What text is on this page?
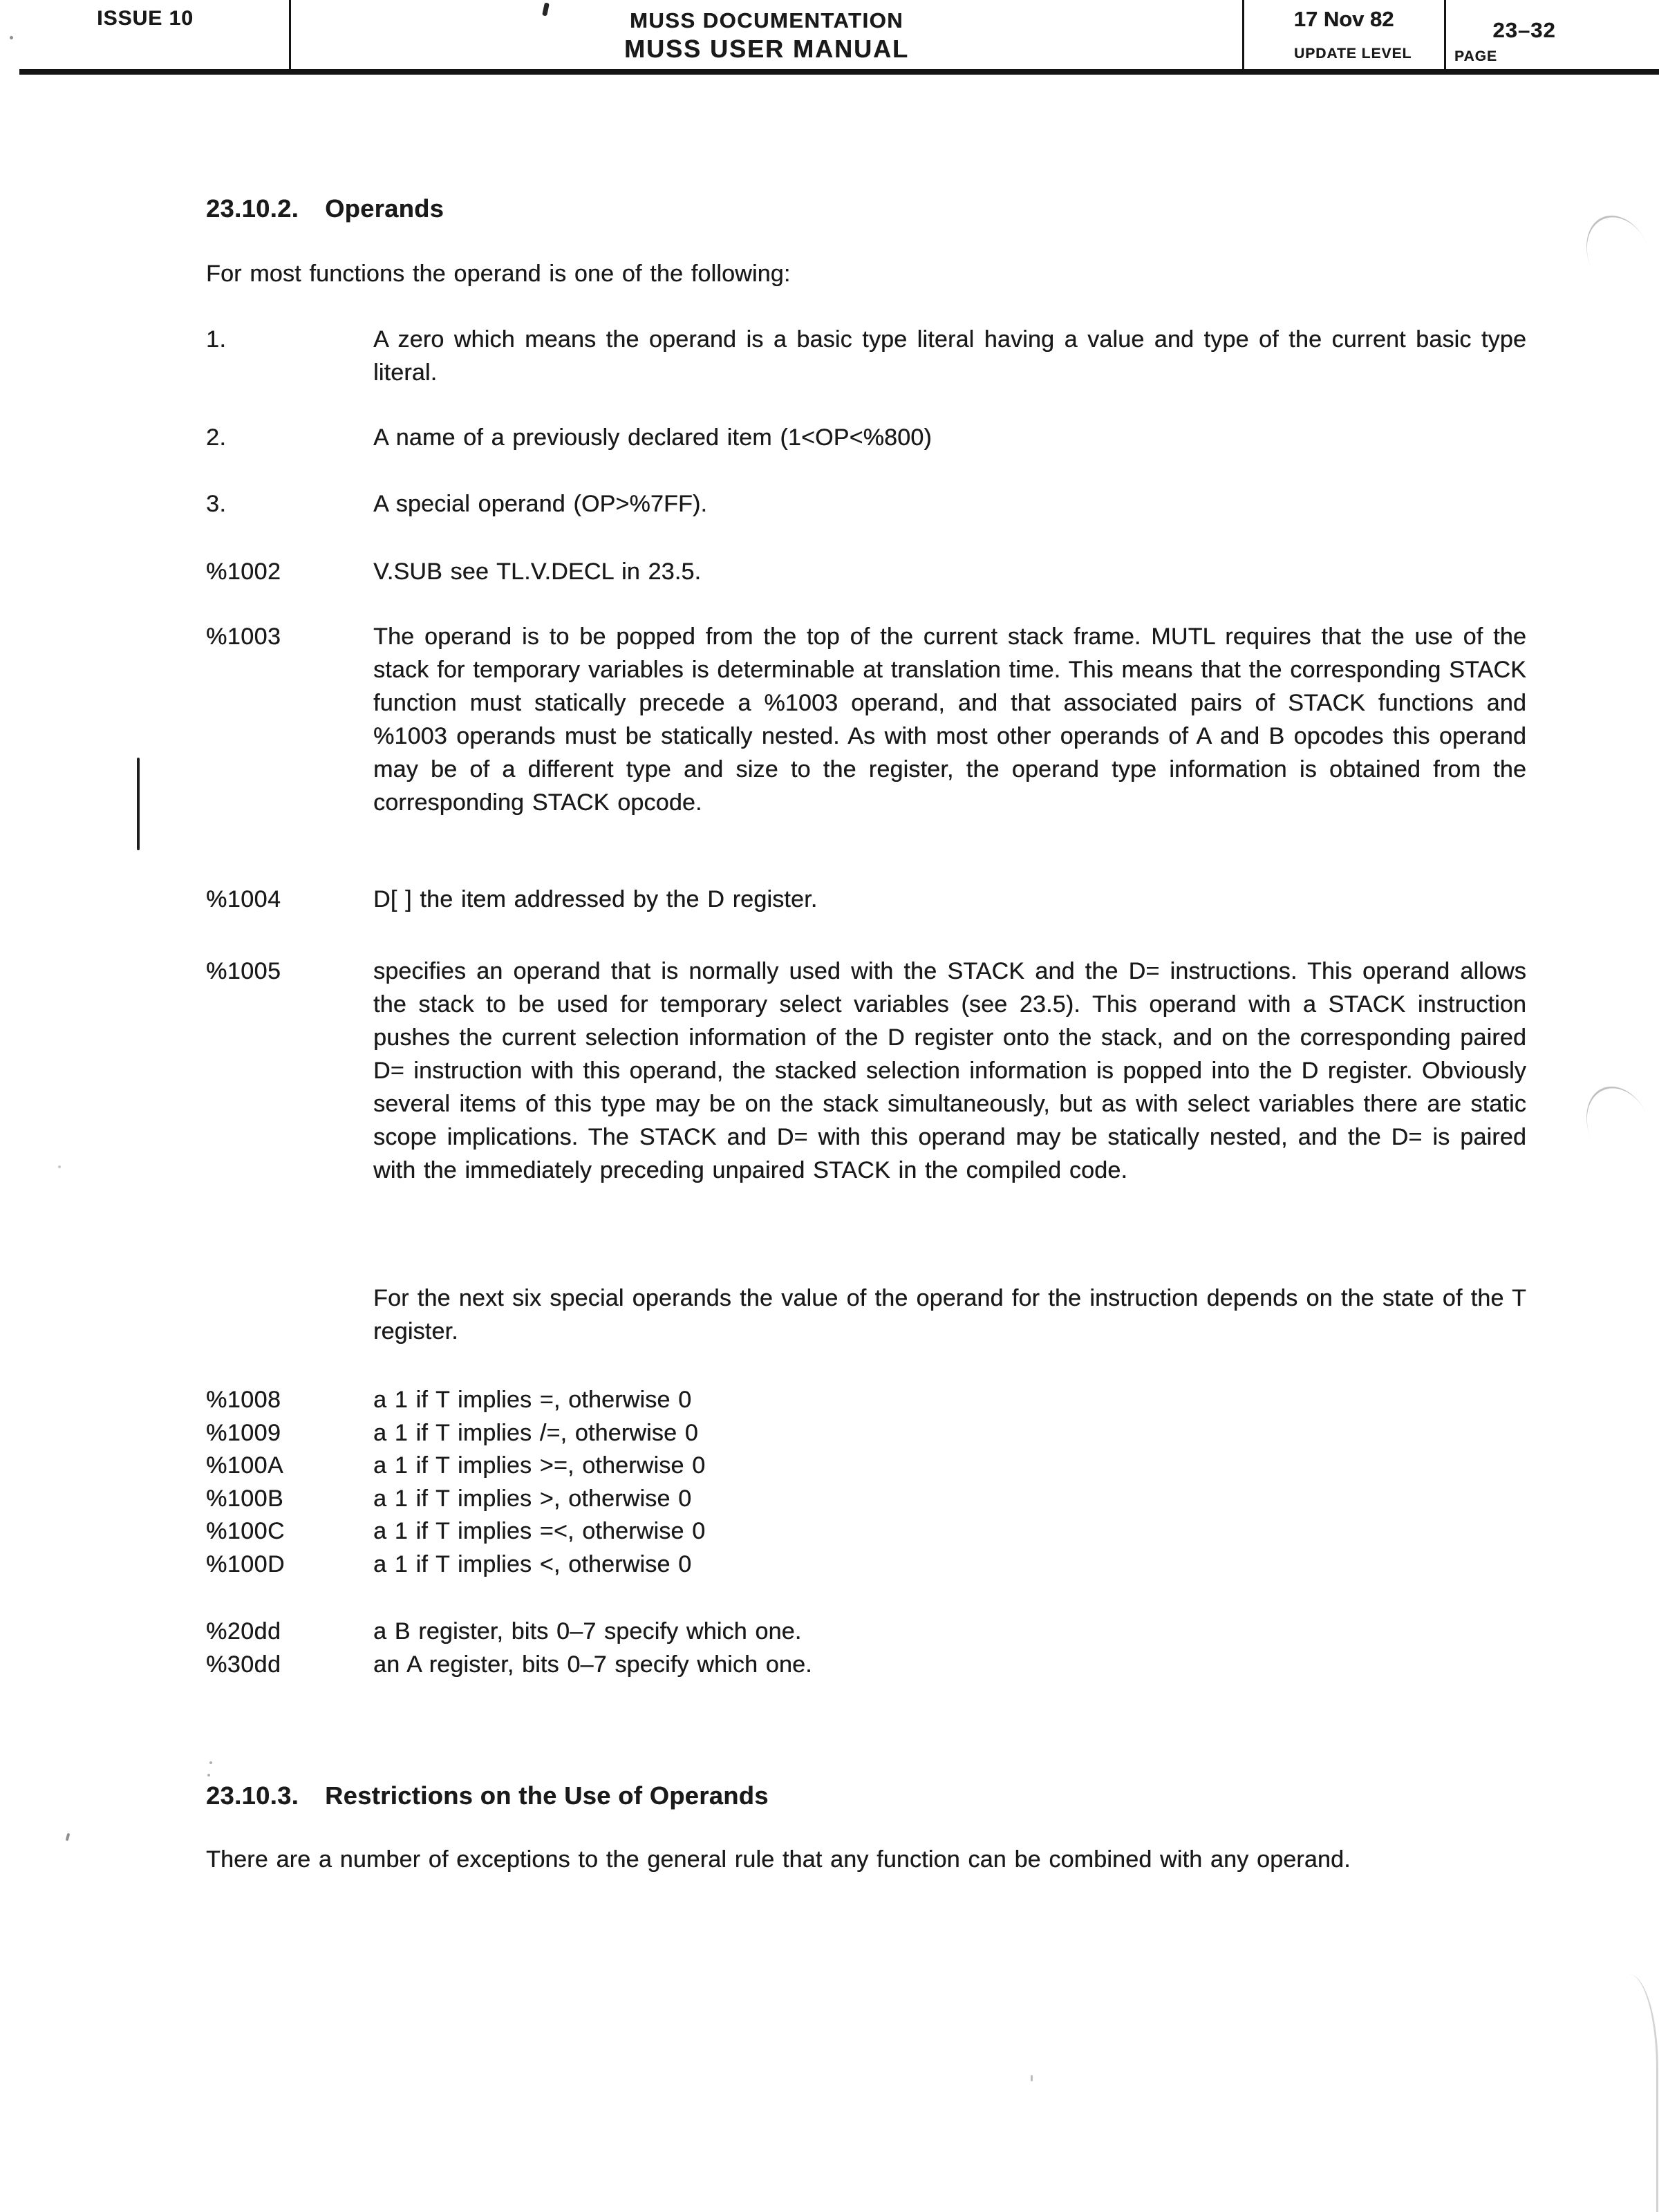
ISSUE 10	MUSS DOCUMENTATION
MUSS USER MANUAL
17 Nov 82
UPDATE LEVEL
23–32
PAGE
23.10.2. Operands
For most functions the operand is one of the following:
1.	A zero which means the operand is a basic type literal having a value and type of the current basic type literal.
2.	A name of a previously declared item (1<OP<%800)
3.	A special operand (OP>%7FF).
%1002	V.SUB see TL.V.DECL in 23.5.
%1003	The operand is to be popped from the top of the current stack frame. MUTL requires that the use of the stack for temporary variables is determinable at translation time. This means that the corresponding STACK function must statically precede a %1003 operand, and that associated pairs of STACK functions and %1003 operands must be statically nested. As with most other operands of A and B opcodes this operand may be of a different type and size to the register, the operand type information is obtained from the corresponding STACK opcode.
%1004	D[ ] the item addressed by the D register.
%1005	specifies an operand that is normally used with the STACK and the D= instructions. This operand allows the stack to be used for temporary select variables (see 23.5). This operand with a STACK instruction pushes the current selection information of the D register onto the stack, and on the corresponding paired D= instruction with this operand, the stacked selection information is popped into the D register. Obviously several items of this type may be on the stack simultaneously, but as with select variables there are static scope implications. The STACK and D= with this operand may be statically nested, and the D= is paired with the immediately preceding unpaired STACK in the compiled code.
For the next six special operands the value of the operand for the instruction depends on the state of the T register.
%1008	a 1 if T implies =, otherwise 0
%1009	a 1 if T implies /=, otherwise 0
%100A	a 1 if T implies >=, otherwise 0
%100B	a 1 if T implies >, otherwise 0
%100C	a 1 if T implies =<, otherwise 0
%100D	a 1 if T implies <, otherwise 0
%20dd	a B register, bits 0–7 specify which one.
%30dd	an A register, bits 0–7 specify which one.
23.10.3. Restrictions on the Use of Operands
There are a number of exceptions to the general rule that any function can be combined with any operand.
